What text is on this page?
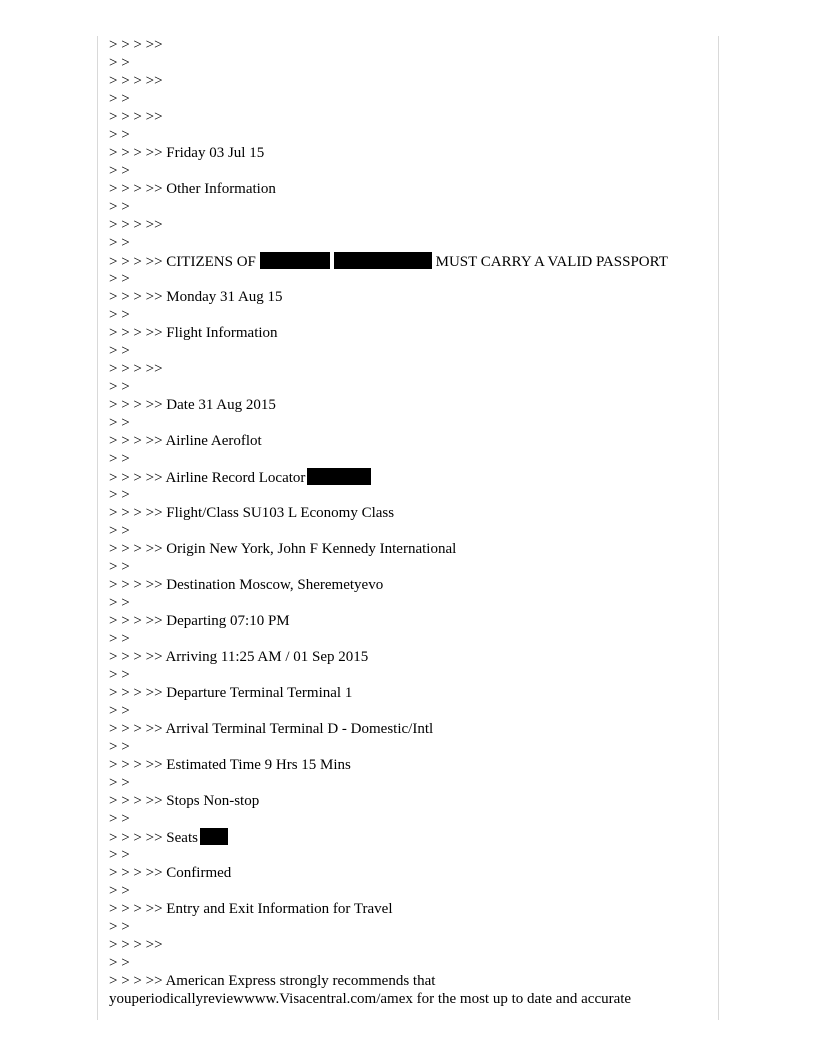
> > > >>
> >
> > > >>
> >
> > > >>
> >
> > > >> Friday 03 Jul 15
> >
> > > >> Other Information
> >
> > > >>
> >
> > > >> CITIZENS OF	MUST CARRY A VALID PASSPORT
> >
> > > >> Monday 31 Aug 15
> >
> > > >> Flight Information
> >
> > > >>
> >
> > > >> Date 31 Aug 2015
> >
> > > >> Airline Aeroflot
> >
> > > >> Airline Record Locator
> >
> > > >> Flight/Class SU103 L Economy Class
> >
> > > >> Origin New York, John F Kennedy International
> >
> > > >> Destination Moscow, Sheremetyevo
> >
> > > >> Departing 07:10 PM
> >
> > > >> Arriving 11:25 AM / 01 Sep 2015
> >
> > > >> Departure Terminal Terminal 1
> >
> > > >> Arrival Terminal Terminal D - Domestic/Intl
> >
> > > >> Estimated Time 9 Hrs 15 Mins
> >
> > > >> Stops Non-stop
> >
> > > >> Seats
> >
> > > >> Confirmed
> >
> > > >> Entry and Exit Information for Travel
> >
> > > >>
> >
> > > >> American Express strongly recommends that
youperiodicallyreviewwww.Visacentral.com/amex for the most up to date and accurate
